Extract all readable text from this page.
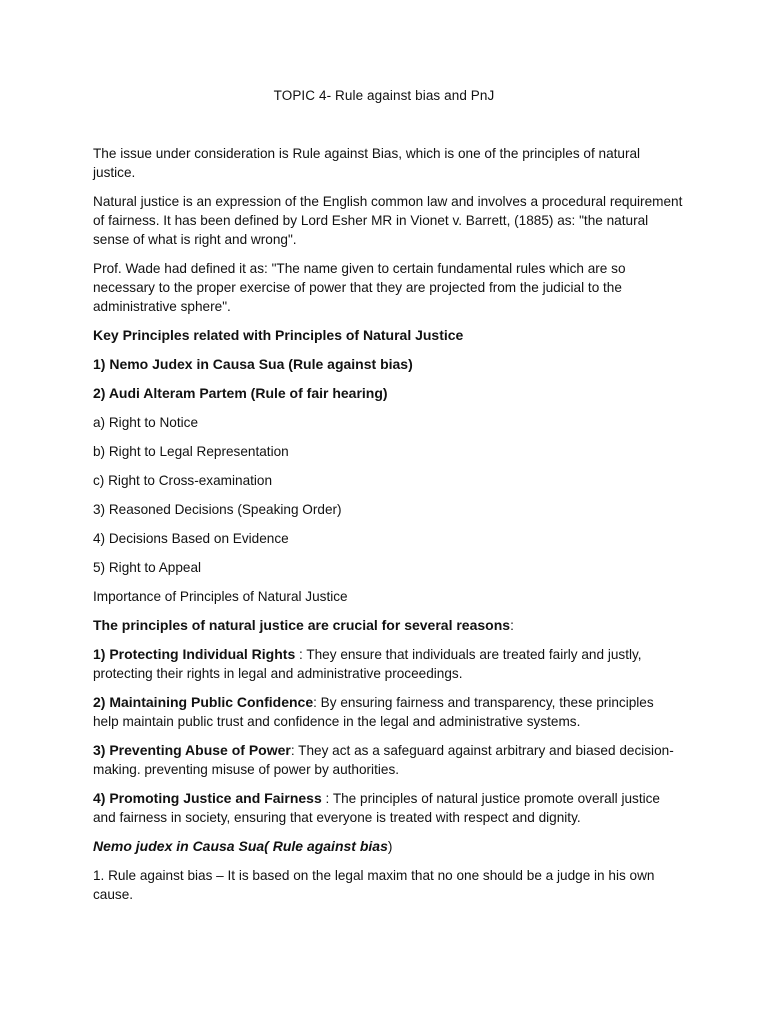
TOPIC 4- Rule against bias and PnJ

The issue under consideration is Rule against Bias, which is one of the principles of natural justice.

Natural justice is an expression of the English common law and involves a procedural requirement of fairness. It has been defined by Lord Esher MR in Vionet v. Barrett, (1885) as: "the natural sense of what is right and wrong".

Prof. Wade had defined it as: "The name given to certain fundamental rules which are so necessary to the proper exercise of power that they are projected from the judicial to the administrative sphere".

Key Principles related with Principles of Natural Justice

1) Nemo Judex in Causa Sua (Rule against bias)

2) Audi Alteram Partem (Rule of fair hearing)

a) Right to Notice

b) Right to Legal Representation

c) Right to Cross-examination

3) Reasoned Decisions (Speaking Order)

4) Decisions Based on Evidence

5) Right to Appeal

Importance of Principles of Natural Justice

The principles of natural justice are crucial for several reasons:

1) Protecting Individual Rights : They ensure that individuals are treated fairly and justly, protecting their rights in legal and administrative proceedings.

2) Maintaining Public Confidence: By ensuring fairness and transparency, these principles help maintain public trust and confidence in the legal and administrative systems.

3) Preventing Abuse of Power: They act as a safeguard against arbitrary and biased decision-making. preventing misuse of power by authorities.

4) Promoting Justice and Fairness : The principles of natural justice promote overall justice and fairness in society, ensuring that everyone is treated with respect and dignity.

Nemo judex in Causa Sua( Rule against bias)

1. Rule against bias – It is based on the legal maxim that no one should be a judge in his own cause.
